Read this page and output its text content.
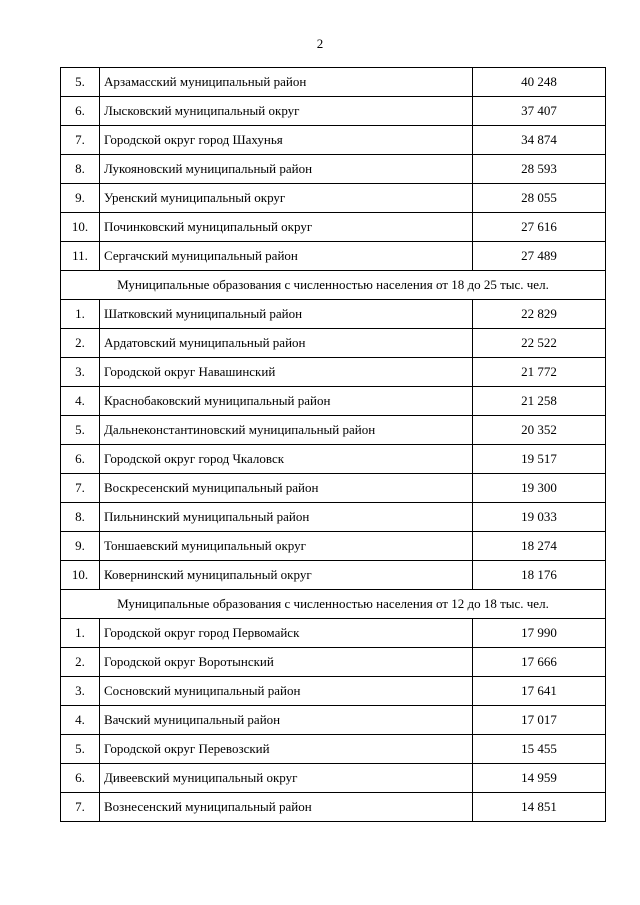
2
5.	Арзамасский муниципальный район	40 248
6.	Лысковский муниципальный округ	37 407
7.	Городской округ город Шахунья	34 874
8.	Лукояновский муниципальный район	28 593
9.	Уренский муниципальный округ	28 055
10.	Починковский муниципальный округ	27 616
11.	Сергачский муниципальный район	27 489
Муниципальные образования с численностью населения от 18 до 25 тыс. чел.		
1.	Шатковский муниципальный район	22 829
2.	Ардатовский муниципальный район	22 522
3.	Городской округ Навашинский	21 772
4.	Краснобаковский муниципальный район	21 258
5.	Дальнеконстантиновский муниципальный район	20 352
6.	Городской округ город Чкаловск	19 517
7.	Воскресенский муниципальный район	19 300
8.	Пильнинский муниципальный район	19 033
9.	Тоншаевский муниципальный округ	18 274
10.	Ковернинский муниципальный округ	18 176
Муниципальные образования с численностью населения от 12 до 18 тыс. чел.		
1.	Городской округ город Первомайск	17 990
2.	Городской округ Воротынский	17 666
3.	Сосновский муниципальный район	17 641
4.	Вачский муниципальный район	17 017
5.	Городской округ Перевозский	15 455
6.	Дивеевский муниципальный округ	14 959
7.	Вознесенский муниципальный район	14 851
